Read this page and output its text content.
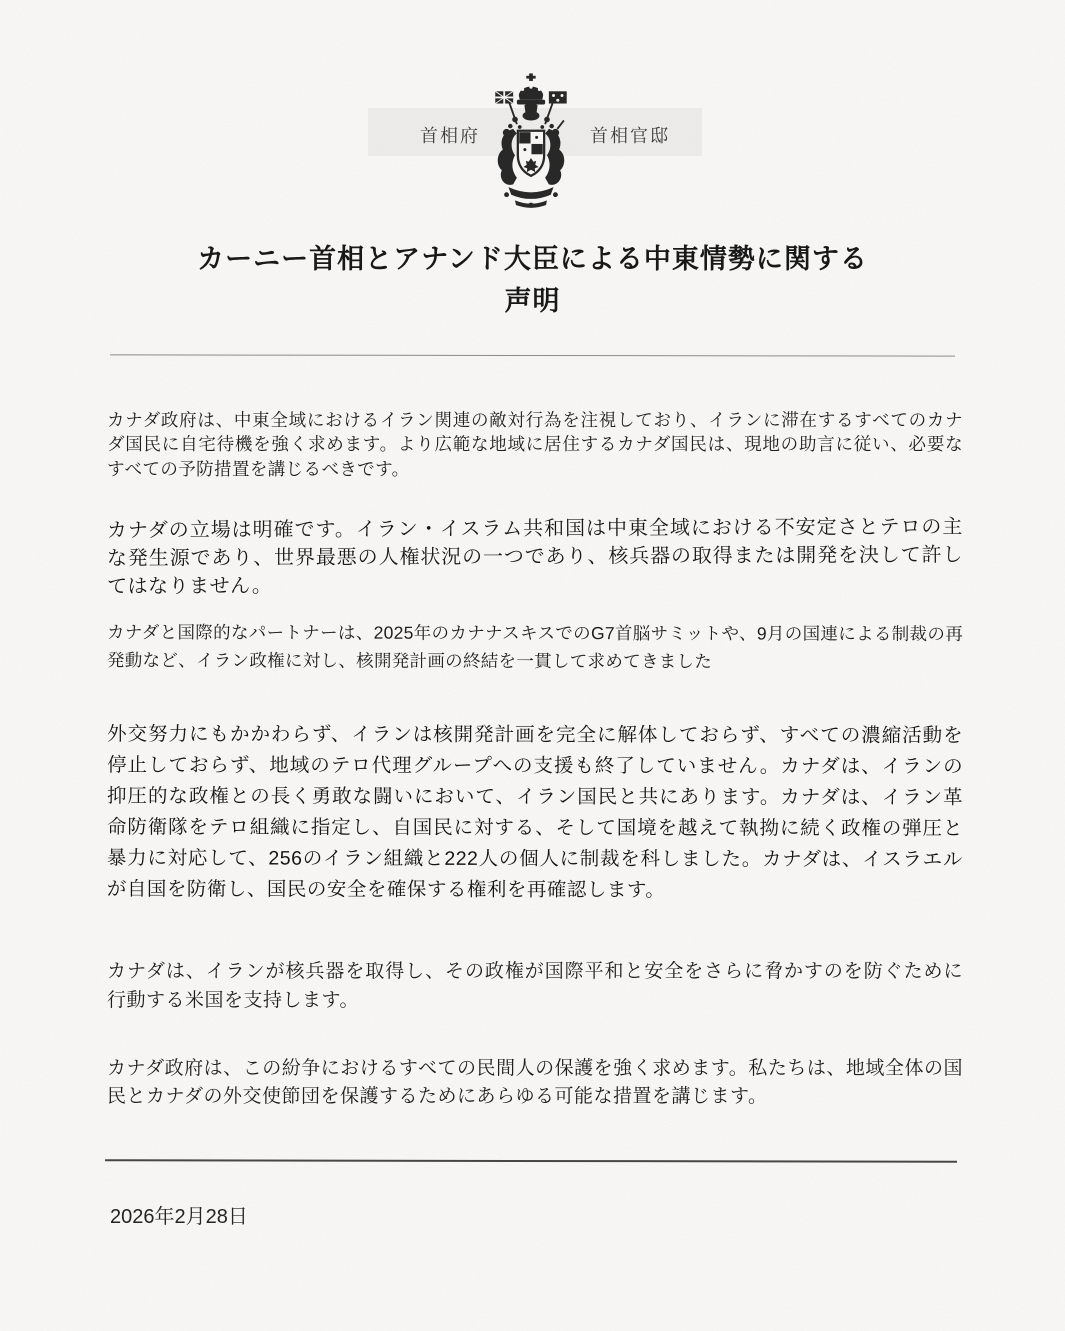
首相府	首相官邸
カーニー首相とアナンド大臣による中東情勢に関する
声明

カナダ政府は、中東全域におけるイラン関連の敵対行為を注視しており、イランに滞在するすべてのカナダ国民に自宅待機を強く求めます。より広範な地域に居住するカナダ国民は、現地の助言に従い、必要なすべての予防措置を講じるべきです。

カナダの立場は明確です。イラン・イスラム共和国は中東全域における不安定さとテロの主な発生源であり、世界最悪の人権状況の一つであり、核兵器の取得または開発を決して許してはなりません。

カナダと国際的なパートナーは、2025年のカナナスキスでのG7首脳サミットや、9月の国連による制裁の再発動など、イラン政権に対し、核開発計画の終結を一貫して求めてきました

外交努力にもかかわらず、イランは核開発計画を完全に解体しておらず、すべての濃縮活動を停止しておらず、地域のテロ代理グループへの支援も終了していません。カナダは、イランの抑圧的な政権との長く勇敢な闘いにおいて、イラン国民と共にあります。カナダは、イラン革命防衛隊をテロ組織に指定し、自国民に対する、そして国境を越えて執拗に続く政権の弾圧と暴力に対応して、256のイラン組織と222人の個人に制裁を科しました。カナダは、イスラエルが自国を防衛し、国民の安全を確保する権利を再確認します。

カナダは、イランが核兵器を取得し、その政権が国際平和と安全をさらに脅かすのを防ぐために行動する米国を支持します。

カナダ政府は、この紛争におけるすべての民間人の保護を強く求めます。私たちは、地域全体の国民とカナダの外交使節団を保護するためにあらゆる可能な措置を講じます。

2026年2月28日
